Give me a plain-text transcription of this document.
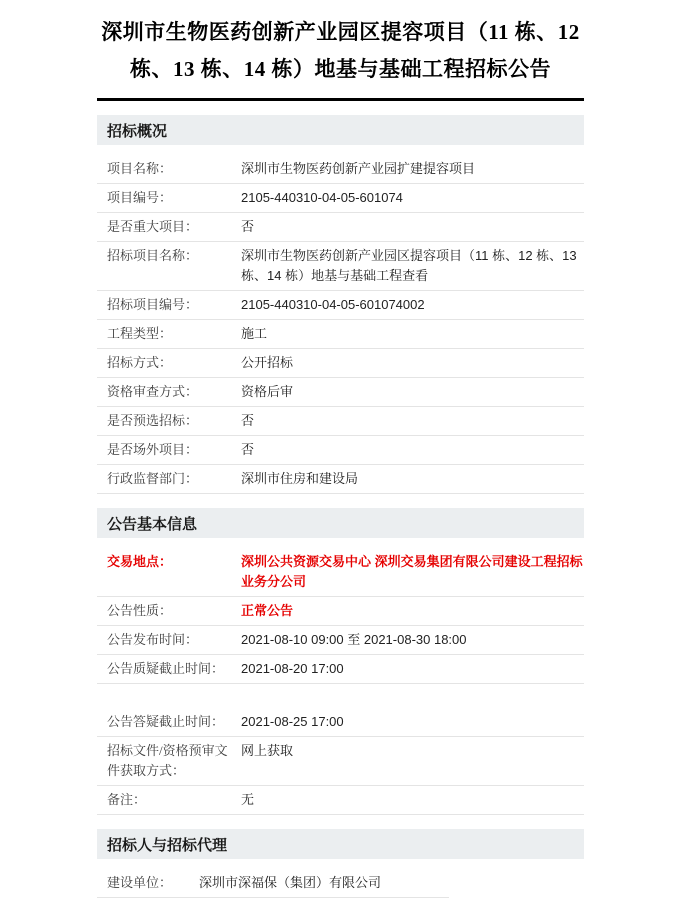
深圳市生物医药创新产业园区提容项目（11 栋、12 栋、13 栋、14 栋）地基与基础工程招标公告
招标概况
项目名称：	深圳市生物医药创新产业园扩建提容项目
项目编号：	2105-440310-04-05-601074
是否重大项目：	否
招标项目名称：	深圳市生物医药创新产业园区提容项目（11 栋、12 栋、13 栋、14 栋）地基与基础工程查看
招标项目编号：	2105-440310-04-05-601074002
工程类型：	施工
招标方式：	公开招标
资格审查方式：	资格后审
是否预选招标：	否
是否场外项目：	否
行政监督部门：	深圳市住房和建设局
公告基本信息
交易地点：	深圳公共资源交易中心 深圳交易集团有限公司建设工程招标业务分公司
公告性质：	正常公告
公告发布时间：	2021-08-10 09:00 至 2021-08-30 18:00
公告质疑截止时间：	2021-08-20 17:00
公告答疑截止时间：	2021-08-25 17:00
招标文件/资格预审文件获取方式：
网上获取
备注：	无
招标人与招标代理
建设单位：	深圳市深福保（集团）有限公司
